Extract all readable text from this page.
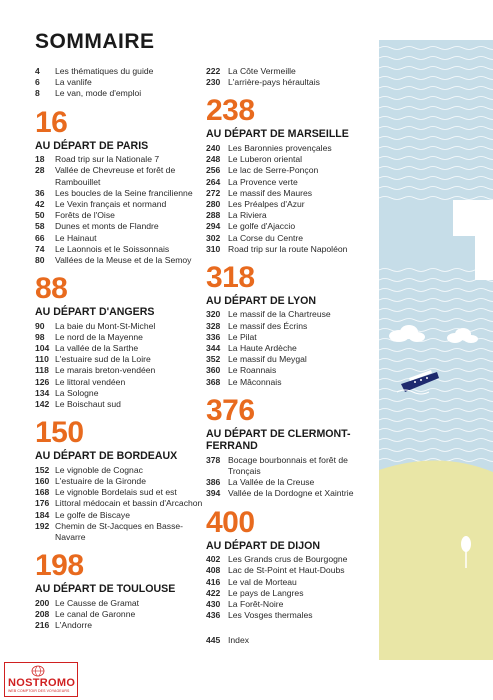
SOMMAIRE
4	Les thématiques du guide
6	La vanlife
8	Le van, mode d'emploi
16
AU DÉPART DE PARIS
18	Road trip sur la Nationale 7
28	Vallée de Chevreuse et forêt de Rambouillet
36	Les boucles de la Seine francilienne
42	Le Vexin français et normand
50	Forêts de l'Oise
58	Dunes et monts de Flandre
66	Le Hainaut
74	Le Laonnois et le Soissonnais
80	Vallées de la Meuse et de la Semoy
88
AU DÉPART D'ANGERS
90	La baie du Mont-St-Michel
98	Le nord de la Mayenne
104 La vallée de la Sarthe
110 L'estuaire sud de la Loire
118 Le marais breton-vendéen
126 Le littoral vendéen
134 La Sologne
142 Le Boischaut sud
150
AU DÉPART DE BORDEAUX
152 Le vignoble de Cognac
160 L'estuaire de la Gironde
168 Le vignoble Bordelais sud et est
176 Littoral médocain et bassin d'Arcachon
184 Le golfe de Biscaye
192 Chemin de St-Jacques en Basse-Navarre
198
AU DÉPART DE TOULOUSE
200 Le Causse de Gramat
208 Le canal de Garonne
216 L'Andorre
222 La Côte Vermeille
230 L'arrière-pays héraultais
238
AU DÉPART DE MARSEILLE
240 Les Baronnies provençales
248 Le Luberon oriental
256 Le lac de Serre-Ponçon
264 La Provence verte
272 Le massif des Maures
280 Les Préalpes d'Azur
288 La Riviera
294 Le golfe d'Ajaccio
302 La Corse du Centre
310 Road trip sur la route Napoléon
318
AU DÉPART DE LYON
320 Le massif de la Chartreuse
328 Le massif des Écrins
336 Le Pilat
344 La Haute Ardèche
352 Le massif du Meygal
360 Le Roannais
368 Le Mâconnais
376
AU DÉPART DE CLERMONT-FERRAND
378 Bocage bourbonnais et forêt de Tronçais
386 La Vallée de la Creuse
394 Vallée de la Dordogne et Xaintrie
400
AU DÉPART DE DIJON
402 Les Grands crus de Bourgogne
408 Lac de St-Point et Haut-Doubs
416 Le val de Morteau
422 Le pays de Langres
430 La Forêt-Noire
436 Les Vosges thermales
445 Index
NOSTROMO
WEB COMPTOIR DES VOYAGEURS
